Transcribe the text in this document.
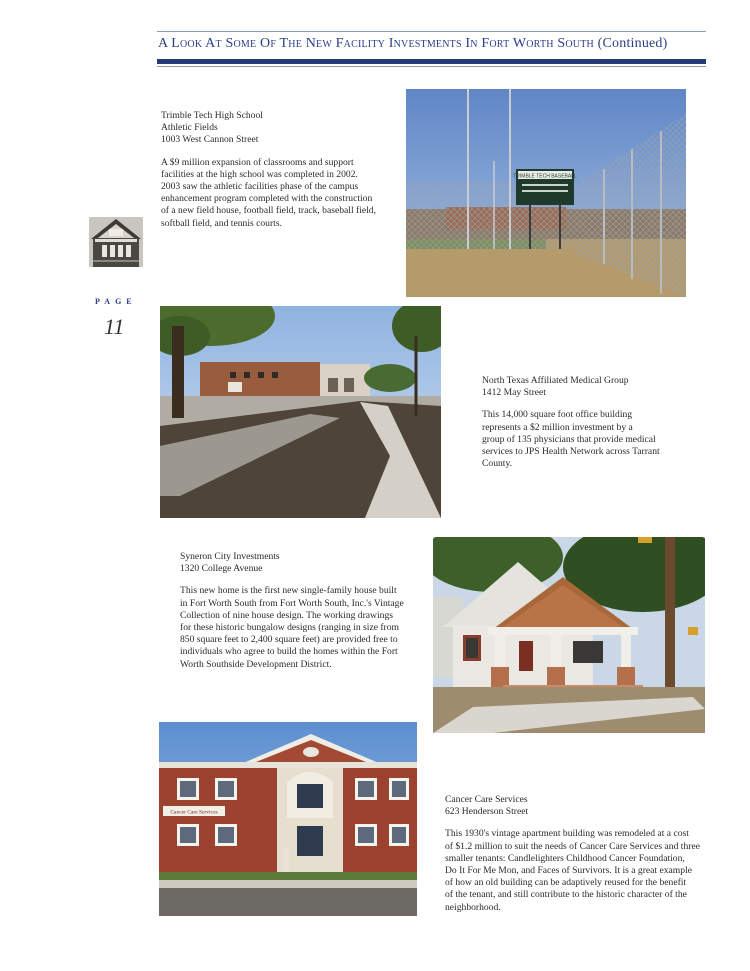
A Look At Some Of The New Facility Investments In Fort Worth South (Continued)
PAGE
11
Trimble Tech High School
Athletic Fields
1003 West Cannon Street
A $9 million expansion of classrooms and support
facilities at the high school was completed in 2002.
2003 saw the athletic facilities phase of the campus
enhancement program completed with the construction
of a new field house, football field, track, baseball field,
softball field, and tennis courts.
TRIMBLE TECH BASEBALL
North Texas Affiliated Medical Group
1412 May Street
This 14,000 square foot office building
represents a $2 million investment by a
group of 135 physicians that provide medical
services to JPS Health Network across Tarrant
County.
Syneron City Investments
1320 College Avenue
This new home is the first new single-family house built
in Fort Worth South from Fort Worth South, Inc.'s Vintage
Collection of nine house design. The working drawings
for these historic bungalow designs (ranging in size from
850 square feet to 2,400 square feet) are provided free to
individuals who agree to build the homes within the Fort
Worth Southside Development District.
Cancer Care Services
Cancer Care Services
623 Henderson Street
This 1930's vintage apartment building was remodeled at a cost
of $1.2 million to suit the needs of Cancer Care Services and three
smaller tenants: Candlelighters Childhood Cancer Foundation,
Do It For Me Mon, and Faces of Survivors. It is a great example
of how an old building can be adaptively reused for the benefit
of the tenant, and still contribute to the historic character of the
neighborhood.
